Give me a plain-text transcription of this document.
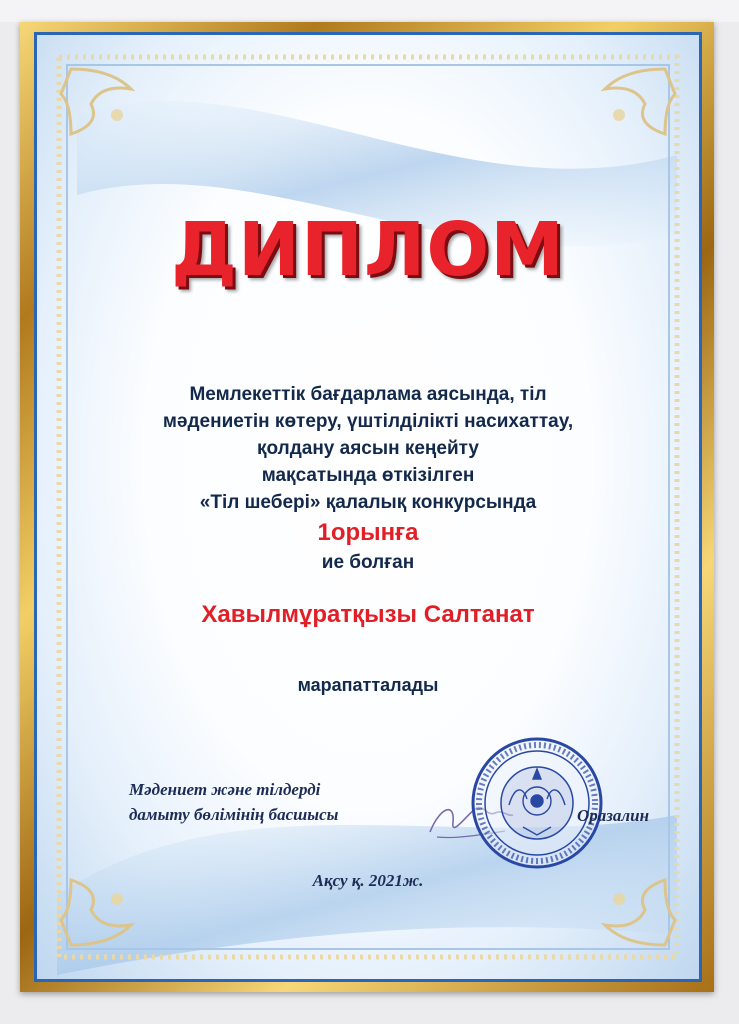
ДИПЛОМ
Мемлекеттік бағдарлама аясында, тіл
мәдениетін көтеру, үштілділікті насихаттау,
қолдану аясын кеңейту
мақсатында өткізілген
«Тіл шебері» қалалық конкурсында
1орынға
ие болған
Хавылмұратқызы Салтанат
марапатталады
Мәдениет және тілдерді
дамыту бөлімінің басшысы	Оразалин
Ақсу қ. 2021ж.
